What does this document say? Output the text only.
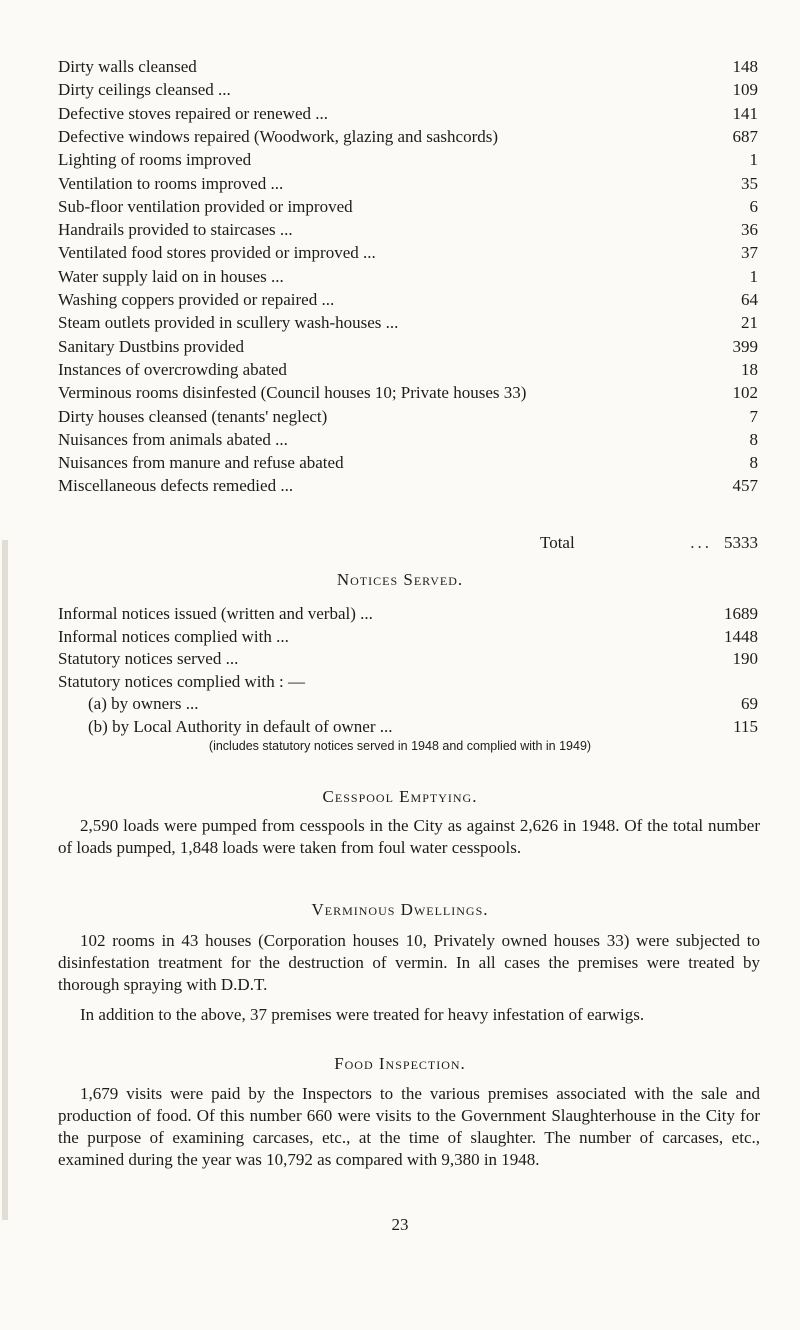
Dirty walls cleansed	148
Dirty ceilings cleansed ...	109
Defective stoves repaired or renewed ...	141
Defective windows repaired (Woodwork, glazing and sashcords)	687
Lighting of rooms improved	1
Ventilation to rooms improved ...	35
Sub-floor ventilation provided or improved	6
Handrails provided to staircases ...	36
Ventilated food stores provided or improved ...	37
Water supply laid on in houses ...	1
Washing coppers provided or repaired ...	64
Steam outlets provided in scullery wash-houses ...	21
Sanitary Dustbins provided	399
Instances of overcrowding abated	18
Verminous rooms disinfested (Council houses 10; Private houses 33)	102
Dirty houses cleansed (tenants' neglect)	7
Nuisances from animals abated ...	8
Nuisances from manure and refuse abated	8
Miscellaneous defects remedied ...	457
Total	... 5333
Notices Served.
Informal notices issued (written and verbal) ...	1689
Informal notices complied with ...	1448
Statutory notices served ...	190
Statutory notices complied with : —
(a) by owners ...	69
(b) by Local Authority in default of owner ...	115
(includes statutory notices served in 1948 and complied with in 1949)
Cesspool Emptying.

2,590 loads were pumped from cesspools in the City as against 2,626 in 1948. Of the total number of loads pumped, 1,848 loads were taken from foul water cesspools.

Verminous Dwellings.

102 rooms in 43 houses (Corporation houses 10, Privately owned houses 33) were subjected to disinfestation treatment for the destruction of vermin. In all cases the premises were treated by thorough spraying with D.D.T.

In addition to the above, 37 premises were treated for heavy infestation of earwigs.

Food Inspection.

1,679 visits were paid by the Inspectors to the various premises associated with the sale and production of food. Of this number 660 were visits to the Government Slaughterhouse in the City for the purpose of examining carcases, etc., at the time of slaughter. The number of carcases, etc., examined during the year was 10,792 as compared with 9,380 in 1948.

23
